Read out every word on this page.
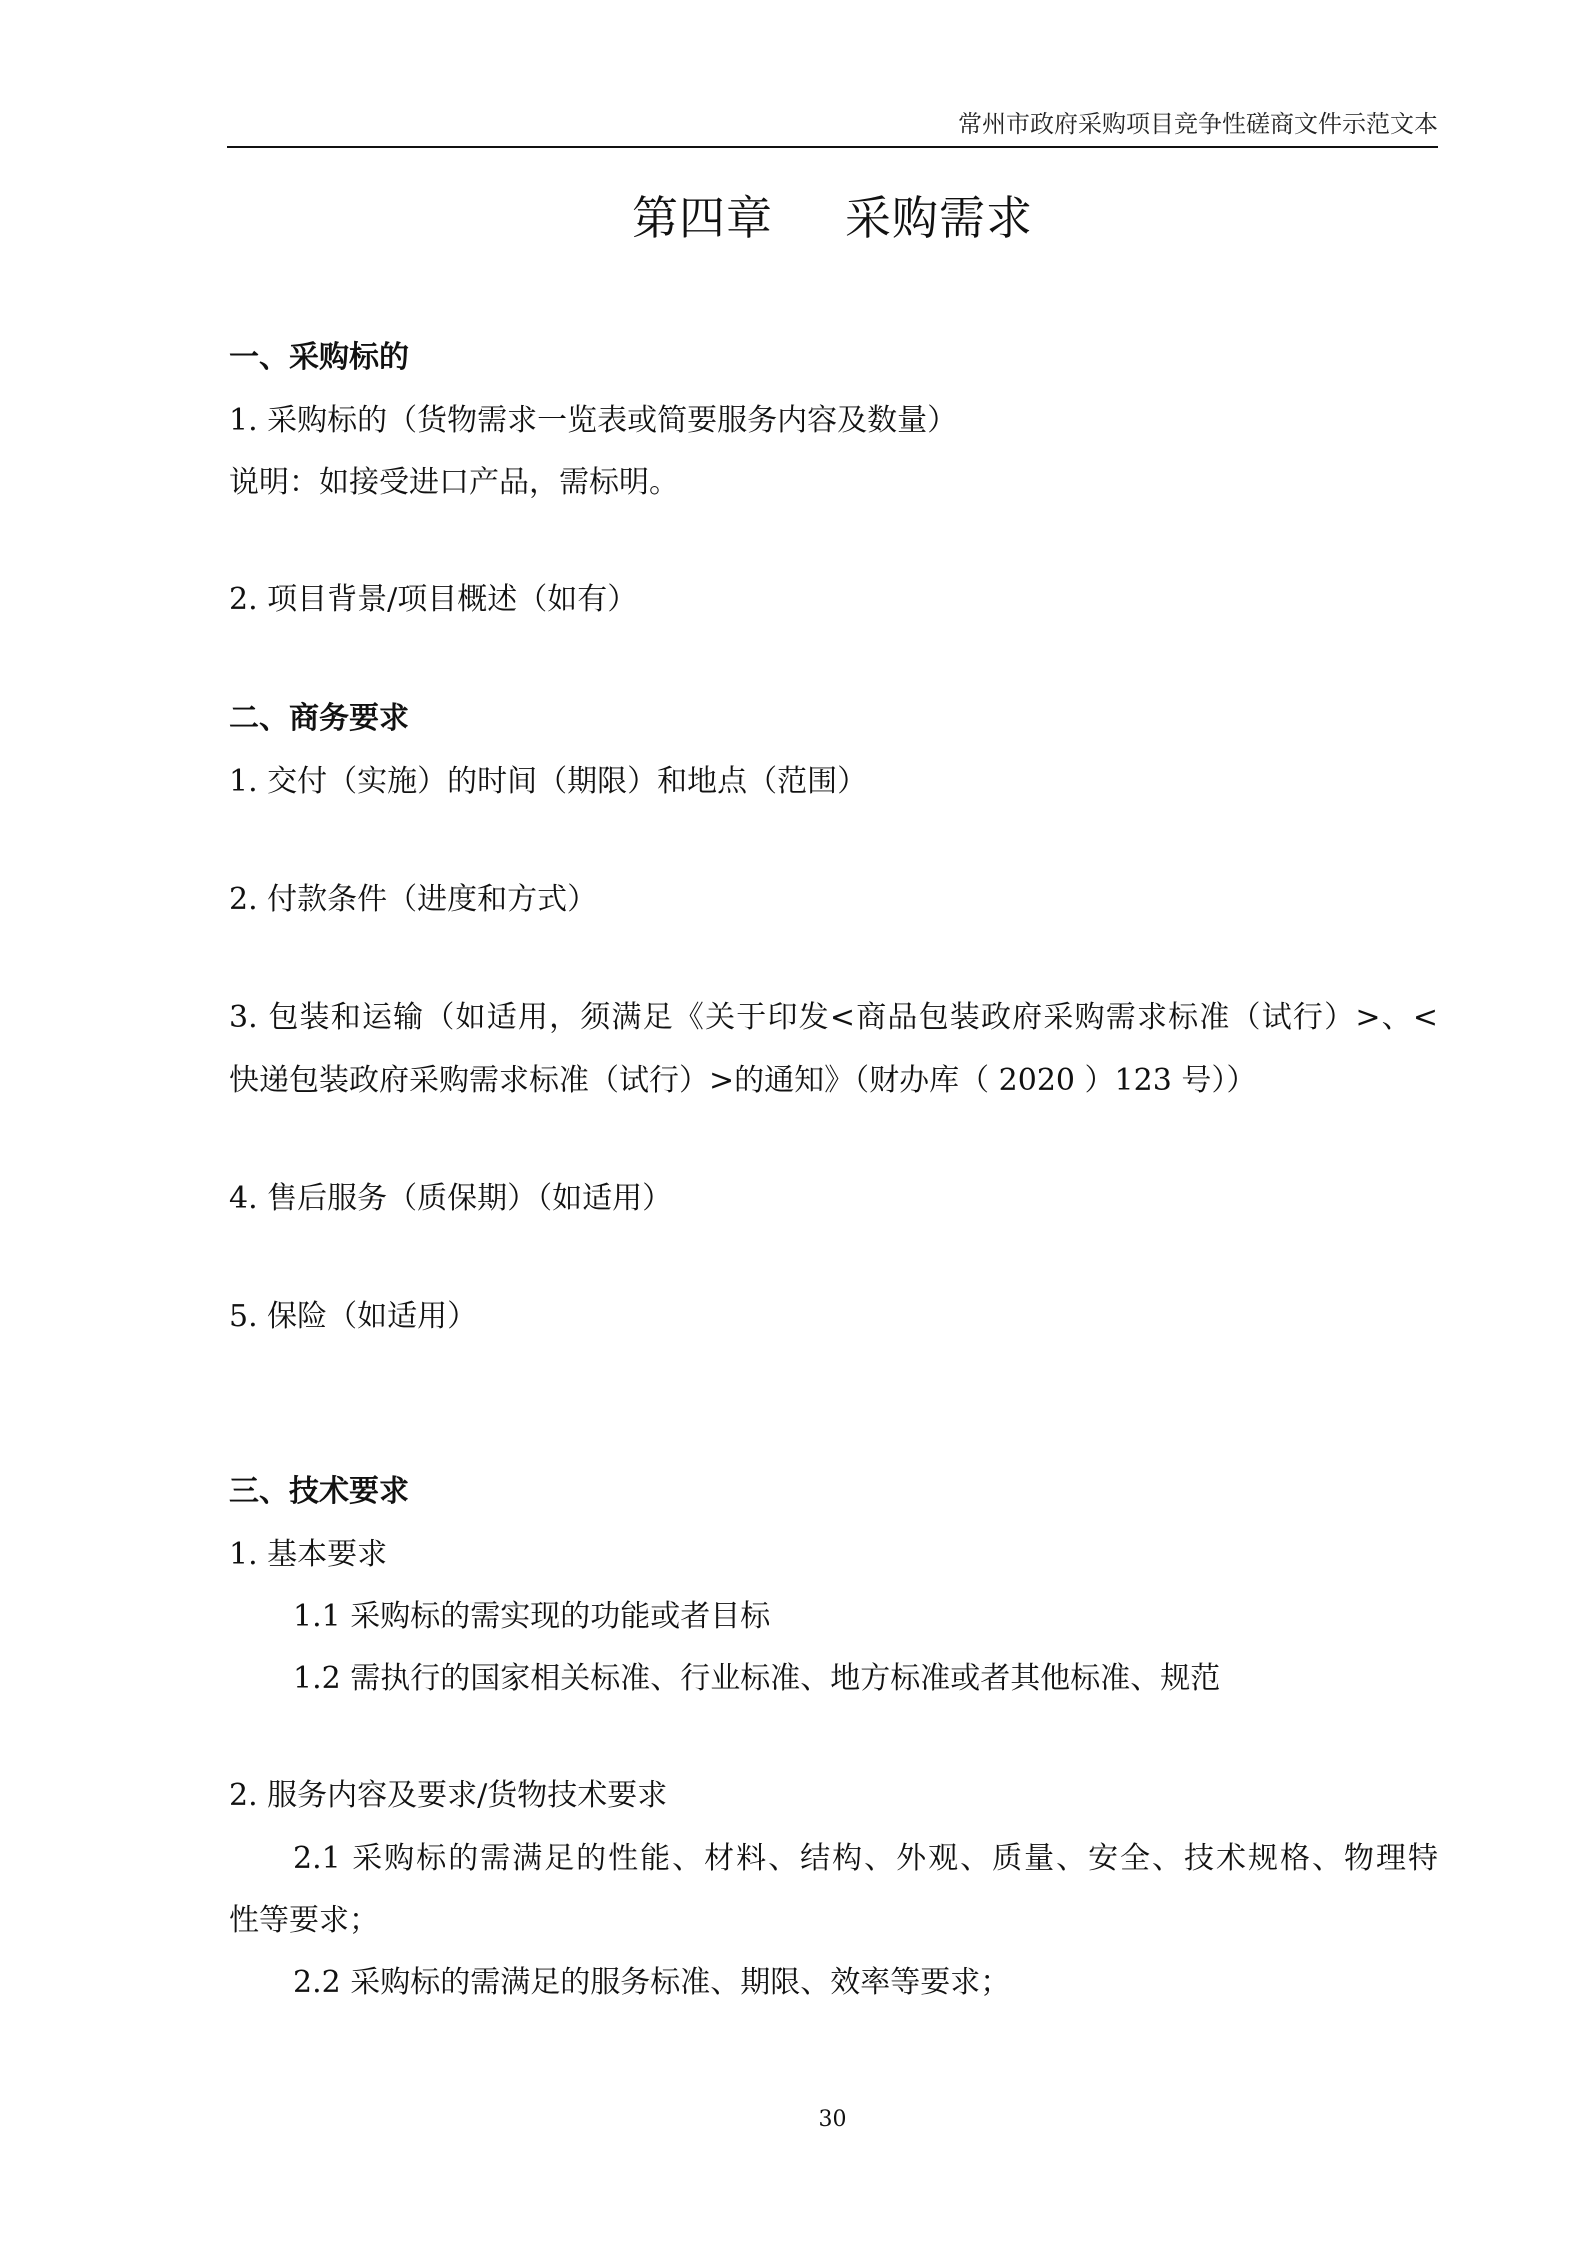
常州市政府采购项目竞争性磋商文件示范文本
第四章 采购需求
一、采购标的
1. 采购标的（货物需求一览表或简要服务内容及数量）
说明：如接受进口产品，需标明。
2. 项目背景/项目概述（如有）
二、商务要求
1. 交付（实施）的时间（期限）和地点（范围）
2. 付款条件（进度和方式）
3. 包装和运输（如适用，须满足《关于印发<商品包装政府采购需求标准（试行）>、<
快递包装政府采购需求标准（试行）>的通知》（财办库（ 2020 ）123 号））
4. 售后服务（质保期）（如适用）
5. 保险（如适用）
三、技术要求
1. 基本要求
1.1 采购标的需实现的功能或者目标
1.2 需执行的国家相关标准、行业标准、地方标准或者其他标准、规范
2. 服务内容及要求/货物技术要求
2.1 采购标的需满足的性能、材料、结构、外观、质量、安全、技术规格、物理特
性等要求；
2.2 采购标的需满足的服务标准、期限、效率等要求；
30
